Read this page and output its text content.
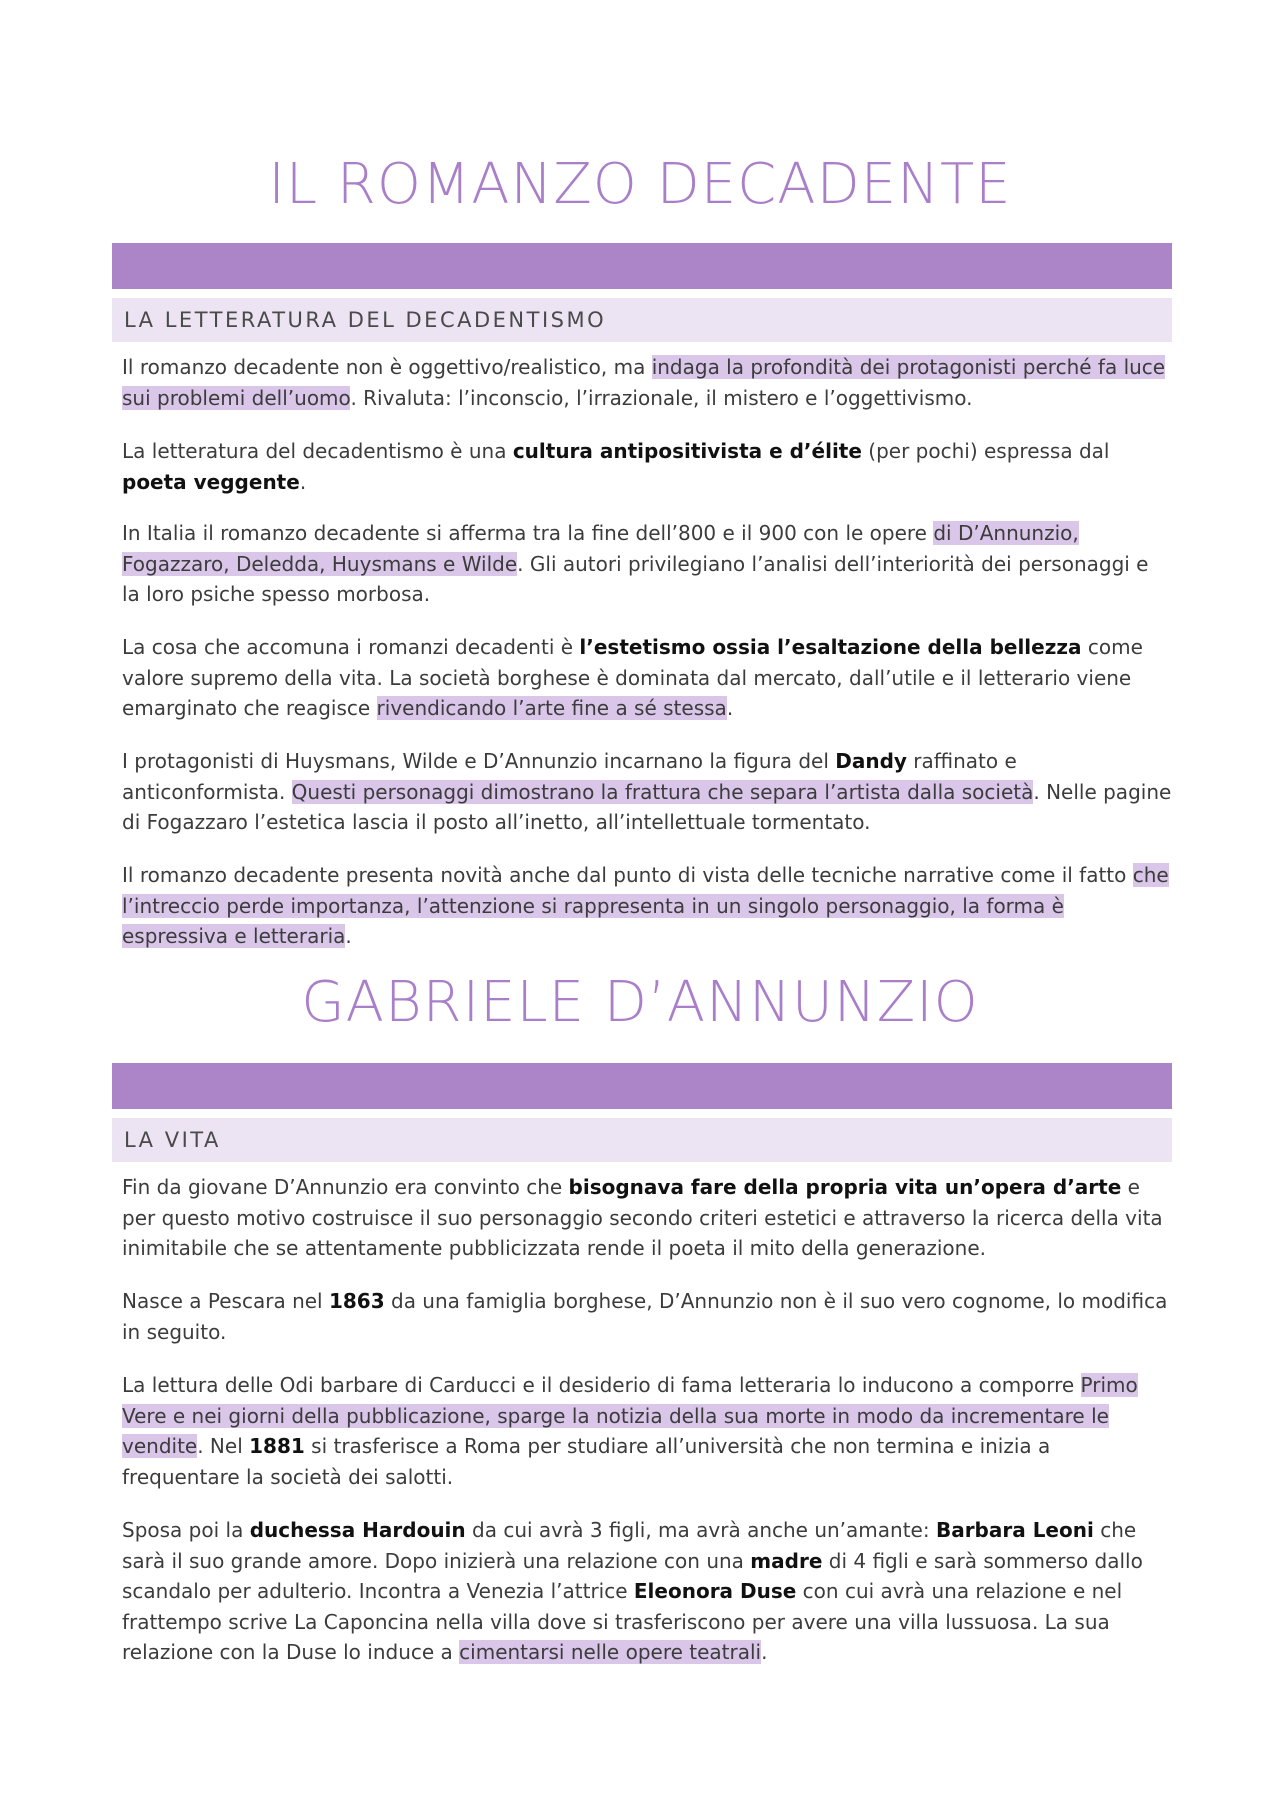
IL ROMANZO DECADENTE
LA LETTERATURA DEL DECADENTISMO

Il romanzo decadente non è oggettivo/realistico, ma indaga la profondità dei protagonisti perché fa luce sui problemi dell’uomo. Rivaluta: l’inconscio, l’irrazionale, il mistero e l’oggettivismo.

La letteratura del decadentismo è una cultura antipositivista e d’élite (per pochi) espressa dal poeta veggente.

In Italia il romanzo decadente si afferma tra la fine dell’800 e il 900 con le opere di D’Annunzio, Fogazzaro, Deledda, Huysmans e Wilde. Gli autori privilegiano l’analisi dell’interiorità dei personaggi e la loro psiche spesso morbosa.

La cosa che accomuna i romanzi decadenti è l’estetismo ossia l’esaltazione della bellezza come valore supremo della vita. La società borghese è dominata dal mercato, dall’utile e il letterario viene emarginato che reagisce rivendicando l’arte fine a sé stessa.

I protagonisti di Huysmans, Wilde e D’Annunzio incarnano la figura del Dandy raffinato e anticonformista. Questi personaggi dimostrano la frattura che separa l’artista dalla società. Nelle pagine di Fogazzaro l’estetica lascia il posto all’inetto, all’intellettuale tormentato.

Il romanzo decadente presenta novità anche dal punto di vista delle tecniche narrative come il fatto che l’intreccio perde importanza, l’attenzione si rappresenta in un singolo personaggio, la forma è espressiva e letteraria.

GABRIELE D’ANNUNZIO
LA VITA

Fin da giovane D’Annunzio era convinto che bisognava fare della propria vita un’opera d’arte e per questo motivo costruisce il suo personaggio secondo criteri estetici e attraverso la ricerca della vita inimitabile che se attentamente pubblicizzata rende il poeta il mito della generazione.

Nasce a Pescara nel 1863 da una famiglia borghese, D’Annunzio non è il suo vero cognome, lo modifica in seguito.

La lettura delle Odi barbare di Carducci e il desiderio di fama letteraria lo inducono a comporre Primo Vere e nei giorni della pubblicazione, sparge la notizia della sua morte in modo da incrementare le vendite. Nel 1881 si trasferisce a Roma per studiare all’università che non termina e inizia a frequentare la società dei salotti.

Sposa poi la duchessa Hardouin da cui avrà 3 figli, ma avrà anche un’amante: Barbara Leoni che sarà il suo grande amore. Dopo inizierà una relazione con una madre di 4 figli e sarà sommerso dallo scandalo per adulterio. Incontra a Venezia l’attrice Eleonora Duse con cui avrà una relazione e nel frattempo scrive La Caponcina nella villa dove si trasferiscono per avere una villa lussuosa. La sua relazione con la Duse lo induce a cimentarsi nelle opere teatrali.
